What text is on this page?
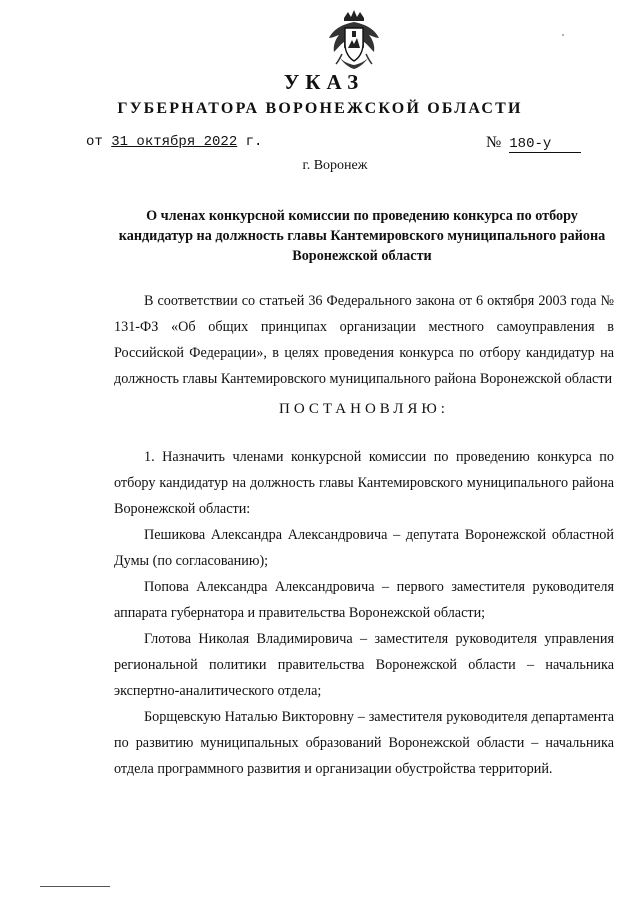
УКАЗ
ГУБЕРНАТОРА ВОРОНЕЖСКОЙ ОБЛАСТИ
от 31 октября 2022 г.	№ 180-у
г. Воронеж
О членах конкурсной комиссии по проведению конкурса по отбору кандидатур на должность главы Кантемировского муниципального района Воронежской области

В соответствии со статьей 36 Федерального закона от 6 октября 2003 года № 131-ФЗ «Об общих принципах организации местного самоуправления в Российской Федерации», в целях проведения конкурса по отбору кандидатур на должность главы Кантемировского муниципального района Воронежской области

ПОСТАНОВЛЯЮ:

1. Назначить членами конкурсной комиссии по проведению конкурса по отбору кандидатур на должность главы Кантемировского муниципального района Воронежской области:

Пешикова Александра Александровича – депутата Воронежской областной Думы (по согласованию);

Попова Александра Александровича – первого заместителя руководителя аппарата губернатора и правительства Воронежской области;

Глотова Николая Владимировича – заместителя руководителя управления региональной политики правительства Воронежской области – начальника экспертно-аналитического отдела;

Борщевскую Наталью Викторовну – заместителя руководителя департамента по развитию муниципальных образований Воронежской области – начальника отдела программного развития и организации обустройства территорий.
